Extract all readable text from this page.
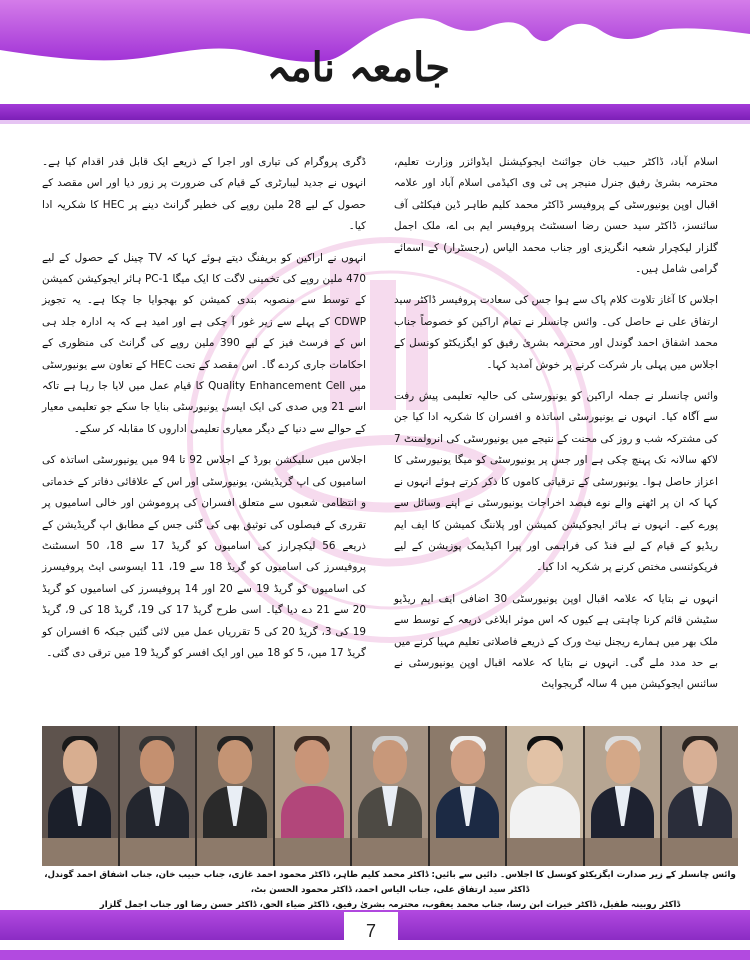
جامعہ نامہ

اسلام آباد، ڈاکٹر حبیب خان جوائنٹ ایجوکیشنل ایڈوائزر وزارت تعلیم، محترمہ بشریٰ رفیق جنرل منیجر پی ٹی وی اکیڈمی اسلام آباد اور علامہ اقبال اوپن یونیورسٹی کے پروفیسر ڈاکٹر محمد کلیم طاہر ڈین فیکلٹی آف سائنسز، ڈاکٹر سید حسن رضا اسسٹنٹ پروفیسر ایم بی اے، ملک اجمل گلزار لیکچرار شعبہ انگریزی اور جناب محمد الیاس (رجسٹرار) کے اسمائے گرامی شامل ہیں۔

اجلاس کا آغاز تلاوت کلام پاک سے ہوا جس کی سعادت پروفیسر ڈاکٹر سید ارتفاق علی نے حاصل کی۔ وائس چانسلر نے تمام اراکین کو خصوصاً جناب محمد اشفاق احمد گوندل اور محترمہ بشریٰ رفیق کو ایگزیکٹو کونسل کے اجلاس میں پہلی بار شرکت کرنے پر خوش آمدید کہا۔

وائس چانسلر نے جملہ اراکین کو یونیورسٹی کی حالیہ تعلیمی پیش رفت سے آگاہ کیا۔ انہوں نے یونیورسٹی اساتذہ و افسران کا شکریہ ادا کیا جن کی مشترکہ شب و روز کی محنت کے نتیجے میں یونیورسٹی کی انرولمنٹ 7 لاکھ سالانہ تک پہنچ چکی ہے اور جس پر یونیورسٹی کو میگا یونیورسٹی کا اعزاز حاصل ہوا۔ یونیورسٹی کے ترقیاتی کاموں کا ذکر کرتے ہوئے انہوں نے کہا کہ ان پر اٹھنے والے نوے فیصد اخراجات یونیورسٹی نے اپنے وسائل سے پورے کیے۔ انہوں نے ہائر ایجوکیشن کمیشن اور پلاننگ کمیشن کا ایف ایم ریڈیو کے قیام کے لیے فنڈ کی فراہمی اور پیرا اکیڈیمک پوزیشن کے لیے فریکوئنسی مختص کرنے پر شکریہ ادا کیا۔

انہوں نے بتایا کہ علامہ اقبال اوپن یونیورسٹی 30 اضافی ایف ایم ریڈیو سٹیشن قائم کرنا چاہتی ہے کیوں کہ اس موثر ابلاغی ذریعہ کے توسط سے ملک بھر میں ہمارے ریجنل نیٹ ورک کے ذریعے فاصلاتی تعلیم مہیا کرنے میں بے حد مدد ملے گی۔ انہوں نے بتایا کہ علامہ اقبال اوپن یونیورسٹی نے سائنس ایجوکیشن میں 4 سالہ گریجوایٹ

ڈگری پروگرام کی تیاری اور اجرا کے ذریعے ایک قابل قدر اقدام کیا ہے۔ انہوں نے جدید لیبارٹری کے قیام کی ضرورت پر زور دیا اور اس مقصد کے حصول کے لیے 28 ملین روپے کی خطیر گرانٹ دینے پر HEC کا شکریہ ادا کیا۔

انہوں نے اراکین کو بریفنگ دیتے ہوئے کہا کہ TV چینل کے حصول کے لیے 470 ملین روپے کی تخمینی لاگت کا ایک میگا PC-1 ہائر ایجوکیشن کمیشن کے توسط سے منصوبہ بندی کمیشن کو بھجوایا جا چکا ہے۔ یہ تجویز CDWP کے پہلے سے زیر غور آ چکی ہے اور امید ہے کہ یہ ادارہ جلد ہی اس کے فرسٹ فیز کے لیے 390 ملین روپے کی گرانٹ کی منظوری کے احکامات جاری کردے گا۔ اس مقصد کے تحت HEC کے تعاون سے یونیورسٹی میں Quality Enhancement Cell کا قیام عمل میں لایا جا رہا ہے تاکہ اسے 21 ویں صدی کی ایک ایسی یونیورسٹی بنایا جا سکے جو تعلیمی معیار کے حوالے سے دنیا کے دیگر معیاری تعلیمی اداروں کا مقابلہ کر سکے۔

اجلاس میں سلیکشن بورڈ کے اجلاس 92 تا 94 میں یونیورسٹی اساتذہ کی اسامیوں کی اپ گریڈیشن، یونیورسٹی اور اس کے علاقائی دفاتر کے خدماتی و انتظامی شعبوں سے متعلق افسران کی پروموشن اور خالی اسامیوں پر تقرری کے فیصلوں کی توثیق بھی کی گئی جس کے مطابق اپ گریڈیشن کے ذریعے 56 لیکچرارز کی اسامیوں کو گریڈ 17 سے 18، 50 اسسٹنٹ پروفیسرز کی اسامیوں کو گریڈ 18 سے 19، 11 ایسوسی ایٹ پروفیسرز کی اسامیوں کو گریڈ 19 سے 20 اور 14 پروفیسرز کی اسامیوں کو گریڈ 20 سے 21 دے دیا گیا۔ اسی طرح گریڈ 17 کی 19، گریڈ 18 کی 9، گریڈ 19 کی 3، گریڈ 20 کی 5 تقرریاں عمل میں لائی گئیں جبکہ 6 افسران کو گریڈ 17 میں، 5 کو 18 میں اور ایک افسر کو گریڈ 19 میں ترقی دی گئی۔

وائس چانسلر کے زیر صدارت ایگزیکٹو کونسل کا اجلاس۔ دائیں سے بائیں: ڈاکٹر محمد کلیم طاہر، ڈاکٹر محمود احمد غازی، جناب حبیب خان، جناب اشفاق احمد گوندل، ڈاکٹر سید ارتفاق علی، جناب الیاس احمد، ڈاکٹر محمود الحسن بٹ،
ڈاکٹر روبینہ طفیل، ڈاکٹر خیرات ابن رسا، جناب محمد یعقوب، محترمہ بشریٰ رفیق، ڈاکٹر ضیاء الحق، ڈاکٹر حسن رضا اور جناب اجمل گلزار
7
